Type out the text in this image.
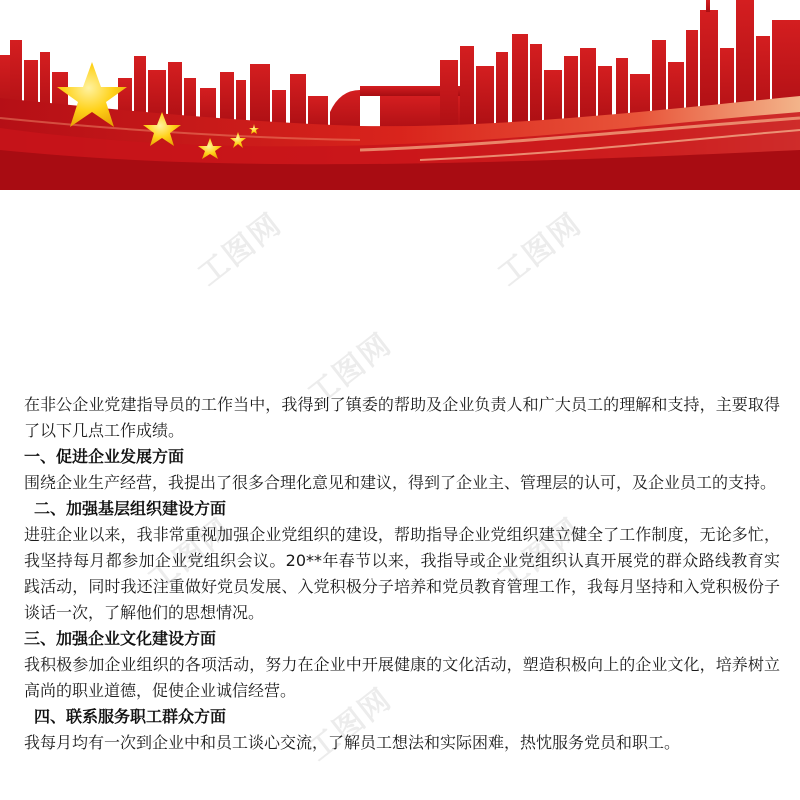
工图网	工图网
工图网
工图网	工图网
工图网

在非公企业党建指导员的工作当中，我得到了镇委的帮助及企业负责人和广大员工的理解和支持，主要取得了以下几点工作成绩。

一、促进企业发展方面

围绕企业生产经营，我提出了很多合理化意见和建议，得到了企业主、管理层的认可，及企业员工的支持。

二、加强基层组织建设方面

进驻企业以来，我非常重视加强企业党组织的建设，帮助指导企业党组织建立健全了工作制度，无论多忙，我坚持每月都参加企业党组织会议。20**年春节以来，我指导或企业党组织认真开展党的群众路线教育实践活动，同时我还注重做好党员发展、入党积极分子培养和党员教育管理工作，我每月坚持和入党积极份子谈话一次，了解他们的思想情况。

三、加强企业文化建设方面

我积极参加企业组织的各项活动，努力在企业中开展健康的文化活动，塑造积极向上的企业文化，培养树立高尚的职业道德，促使企业诚信经营。

四、联系服务职工群众方面

我每月均有一次到企业中和员工谈心交流，了解员工想法和实际困难，热忱服务党员和职工。
